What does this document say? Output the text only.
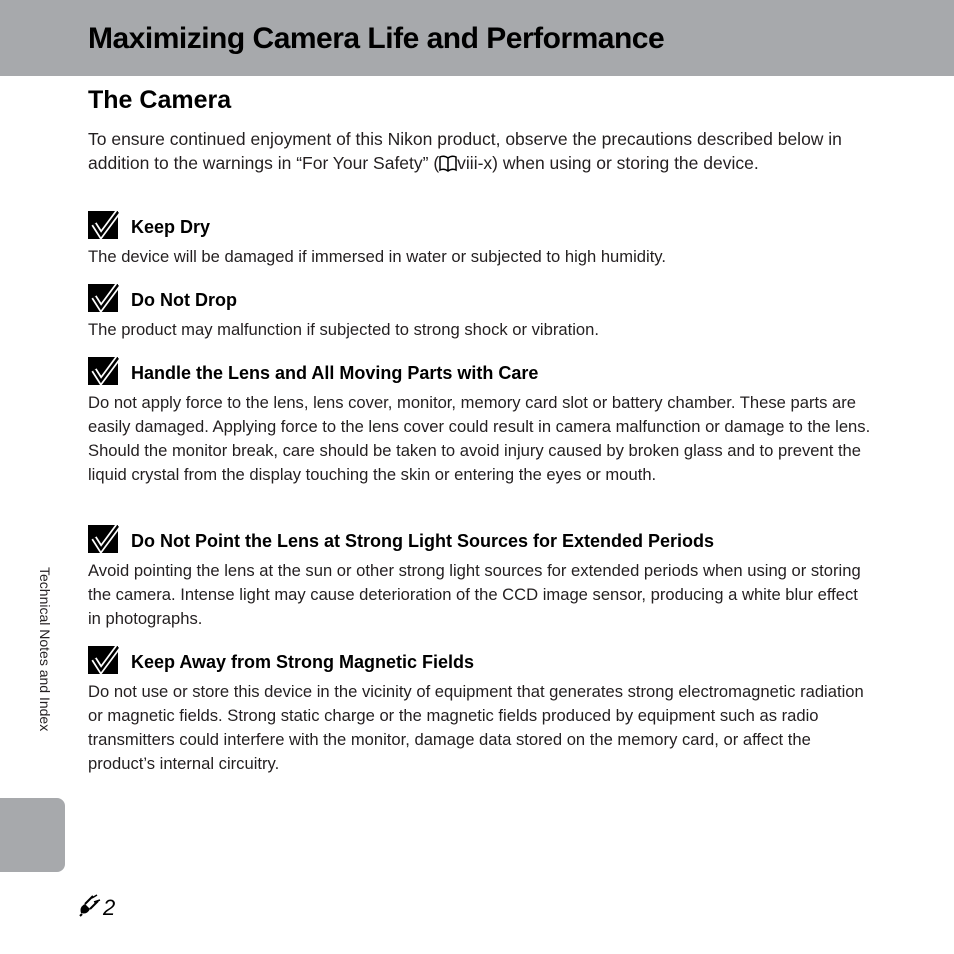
Maximizing Camera Life and Performance
The Camera

To ensure continued enjoyment of this Nikon product, observe the precautions described below in addition to the warnings in “For Your Safety” ( viii-x) when using or storing the device.

Keep Dry

The device will be damaged if immersed in water or subjected to high humidity.

Do Not Drop

The product may malfunction if subjected to strong shock or vibration.

Handle the Lens and All Moving Parts with Care

Do not apply force to the lens, lens cover, monitor, memory card slot or battery chamber. These parts are easily damaged. Applying force to the lens cover could result in camera malfunction or damage to the lens. Should the monitor break, care should be taken to avoid injury caused by broken glass and to prevent the liquid crystal from the display touching the skin or entering the eyes or mouth.

Do Not Point the Lens at Strong Light Sources for Extended Periods

Avoid pointing the lens at the sun or other strong light sources for extended periods when using or storing the camera. Intense light may cause deterioration of the CCD image sensor, producing a white blur effect in photographs.

Keep Away from Strong Magnetic Fields

Do not use or store this device in the vicinity of equipment that generates strong electromagnetic radiation or magnetic fields. Strong static charge or the magnetic fields produced by equipment such as radio transmitters could interfere with the monitor, damage data stored on the memory card, or affect the product’s internal circuitry.

Technical Notes and Index
2
